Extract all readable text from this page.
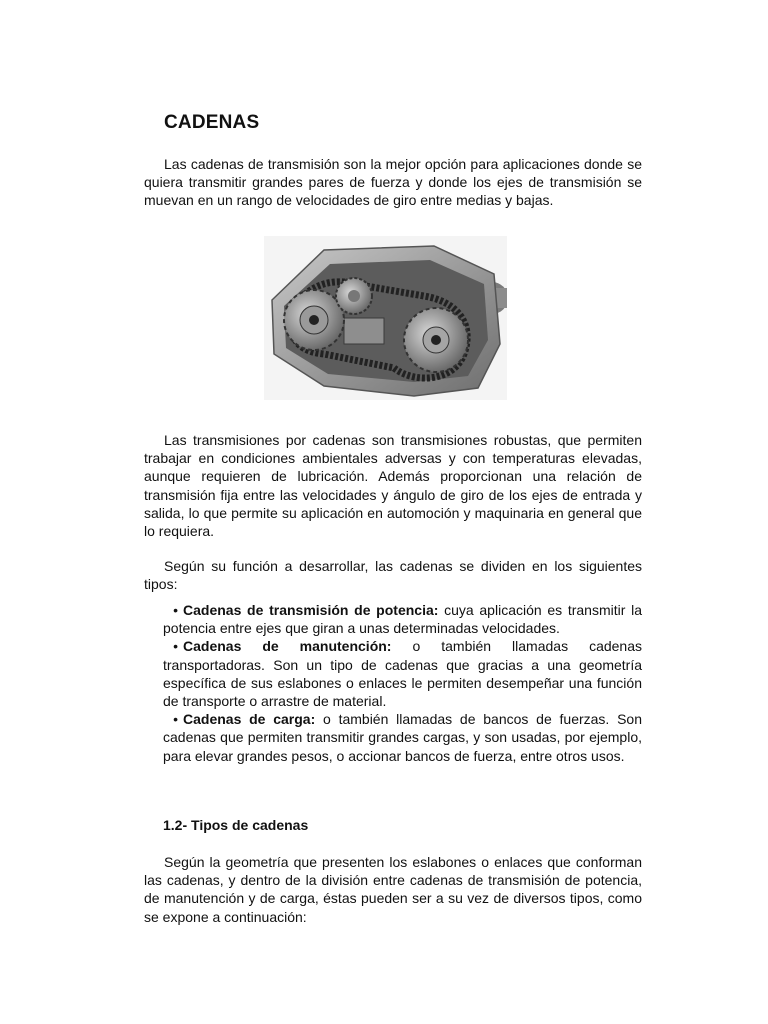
CADENAS

Las cadenas de transmisión son la mejor opción para aplicaciones donde se quiera transmitir grandes pares de fuerza y donde los ejes de transmisión se muevan en un rango de velocidades de giro entre medias y bajas.

Las transmisiones por cadenas son transmisiones robustas, que permiten trabajar en condiciones ambientales adversas y con temperaturas elevadas, aunque requieren de lubricación. Además proporcionan una relación de transmisión fija entre las velocidades y ángulo de giro de los ejes de entrada y salida, lo que permite su aplicación en automoción y maquinaria en general que lo requiera.

Según su función a desarrollar, las cadenas se dividen en los siguientes tipos:

• Cadenas de transmisión de potencia: cuya aplicación es transmitir la potencia entre ejes que giran a unas determinadas velocidades.

• Cadenas de manutención: o también llamadas cadenas transportadoras. Son un tipo de cadenas que gracias a una geometría específica de sus eslabones o enlaces le permiten desempeñar una función de transporte o arrastre de material.

• Cadenas de carga: o también llamadas de bancos de fuerzas. Son cadenas que permiten transmitir grandes cargas, y son usadas, por ejemplo, para elevar grandes pesos, o accionar bancos de fuerza, entre otros usos.

1.2- Tipos de cadenas

Según la geometría que presenten los eslabones o enlaces que conforman las cadenas, y dentro de la división entre cadenas de transmisión de potencia, de manutención y de carga, éstas pueden ser a su vez de diversos tipos, como se expone a continuación:
